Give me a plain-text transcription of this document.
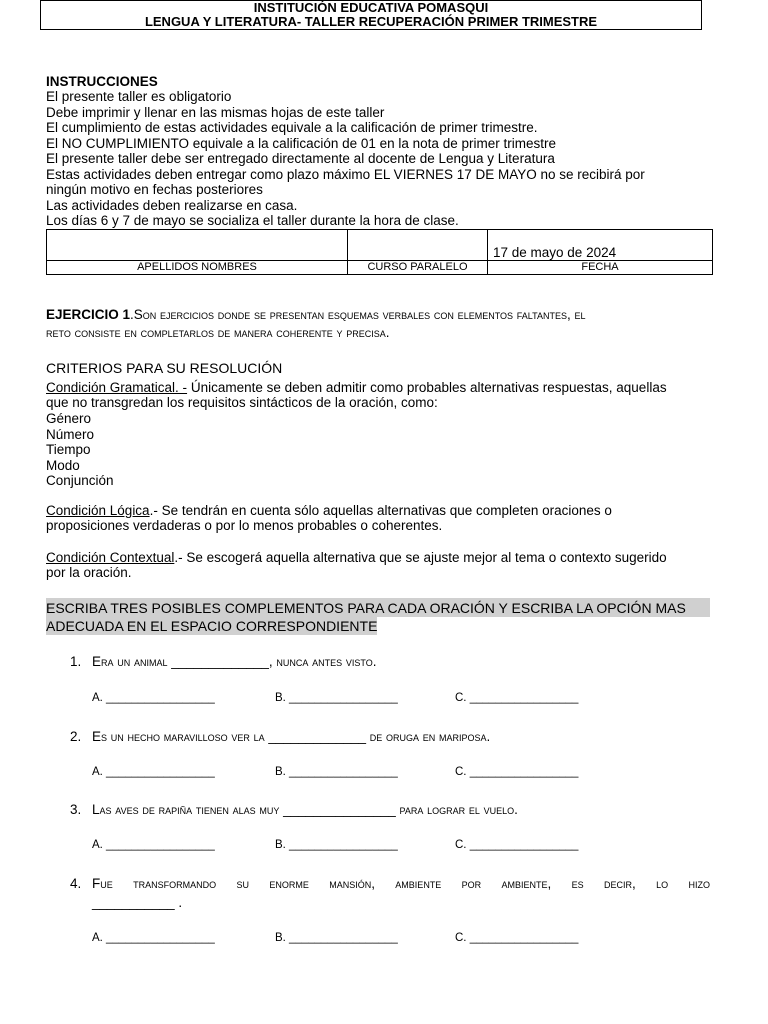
INSTITUCIÓN EDUCATIVA POMASQUI
LENGUA Y LITERATURA- TALLER RECUPERACIÓN PRIMER TRIMESTRE
INSTRUCCIONES
El presente taller es obligatorio
Debe imprimir y llenar en las mismas hojas de este taller
El cumplimiento de estas actividades equivale a la calificación de primer trimestre.
El NO CUMPLIMIENTO equivale a la calificación de 01 en la nota de primer trimestre
El presente taller debe ser entregado directamente al docente de Lengua y Literatura
Estas actividades deben entregar como plazo máximo EL VIERNES 17 DE MAYO no se recibirá por
ningún motivo en fechas posteriores
Las actividades deben realizarse en casa.
Los días 6 y 7 de mayo se socializa el taller durante la hora de clase.
		17 de mayo de 2024
APELLIDOS NOMBRES	CURSO PARALELO	FECHA
EJERCICIO 1.Son ejercicios donde se presentan esquemas verbales con elementos faltantes, el
reto consiste en completarlos de manera coherente y precisa.
CRITERIOS PARA SU RESOLUCIÓN
Condición Gramatical. - Únicamente se deben admitir como probables alternativas respuestas, aquellas
que no transgredan los requisitos sintácticos de la oración, como:
Género
Número
Tiempo
Modo
Conjunción
Condición Lógica.- Se tendrán en cuenta sólo aquellas alternativas que completen oraciones o
proposiciones verdaderas o por lo menos probables o coherentes.
Condición Contextual.- Se escogerá aquella alternativa que se ajuste mejor al tema o contexto sugerido
por la oración.
ESCRIBA TRES POSIBLES COMPLEMENTOS PARA CADA ORACIÓN Y ESCRIBA LA OPCIÓN MAS
ADECUADA EN EL ESPACIO CORRESPONDIENTE
1. Era un animal _____________, nunca antes visto.
A. _________________	B. _________________	C. _________________
2. Es un hecho maravilloso ver la _____________ de oruga en mariposa.
A. _________________	B. _________________	C. _________________
3. Las aves de rapiña tienen alas muy _______________ para lograr el vuelo.
A. _________________	B. _________________	C. _________________
4. Fue transformando su enorme mansión, ambiente por ambiente, es decir, lo hizo
___________ .
A. _________________	B. _________________	C. _________________
